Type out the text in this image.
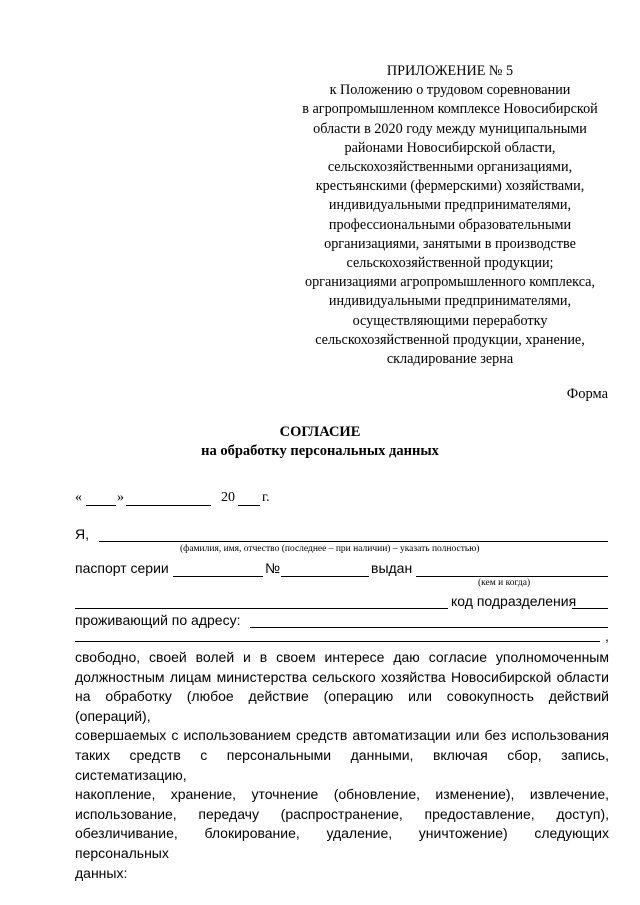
ПРИЛОЖЕНИЕ № 5
к Положению о трудовом соревновании
в агропромышленном комплексе Новосибирской
области в 2020 году между муниципальными
районами Новосибирской области,
сельскохозяйственными организациями,
крестьянскими (фермерскими) хозяйствами,
индивидуальными предпринимателями,
профессиональными образовательными
организациями, занятыми в производстве
сельскохозяйственной продукции;
организациями агропромышленного комплекса,
индивидуальными предпринимателями,
осуществляющими переработку
сельскохозяйственной продукции, хранение,
складирование зерна
Форма
СОГЛАСИЕ
на обработку персональных данных
«	»	20 г.
Я,
(фамилия, имя, отчество (последнее – при наличии) – указать полностью)
паспорт серии	№	выдан
(кем и когда)
код подразделения
проживающий по адресу:
,
свободно, своей волей и в своем интересе даю согласие уполномоченным
должностным лицам министерства сельского хозяйства Новосибирской области
на обработку (любое действие (операцию или совокупность действий (операций),
совершаемых с использованием средств автоматизации или без использования
таких средств с персональными данными, включая сбор, запись, систематизацию,
накопление, хранение, уточнение (обновление, изменение), извлечение,
использование, передачу (распространение, предоставление, доступ),
обезличивание, блокирование, удаление, уничтожение) следующих персональных
данных:
